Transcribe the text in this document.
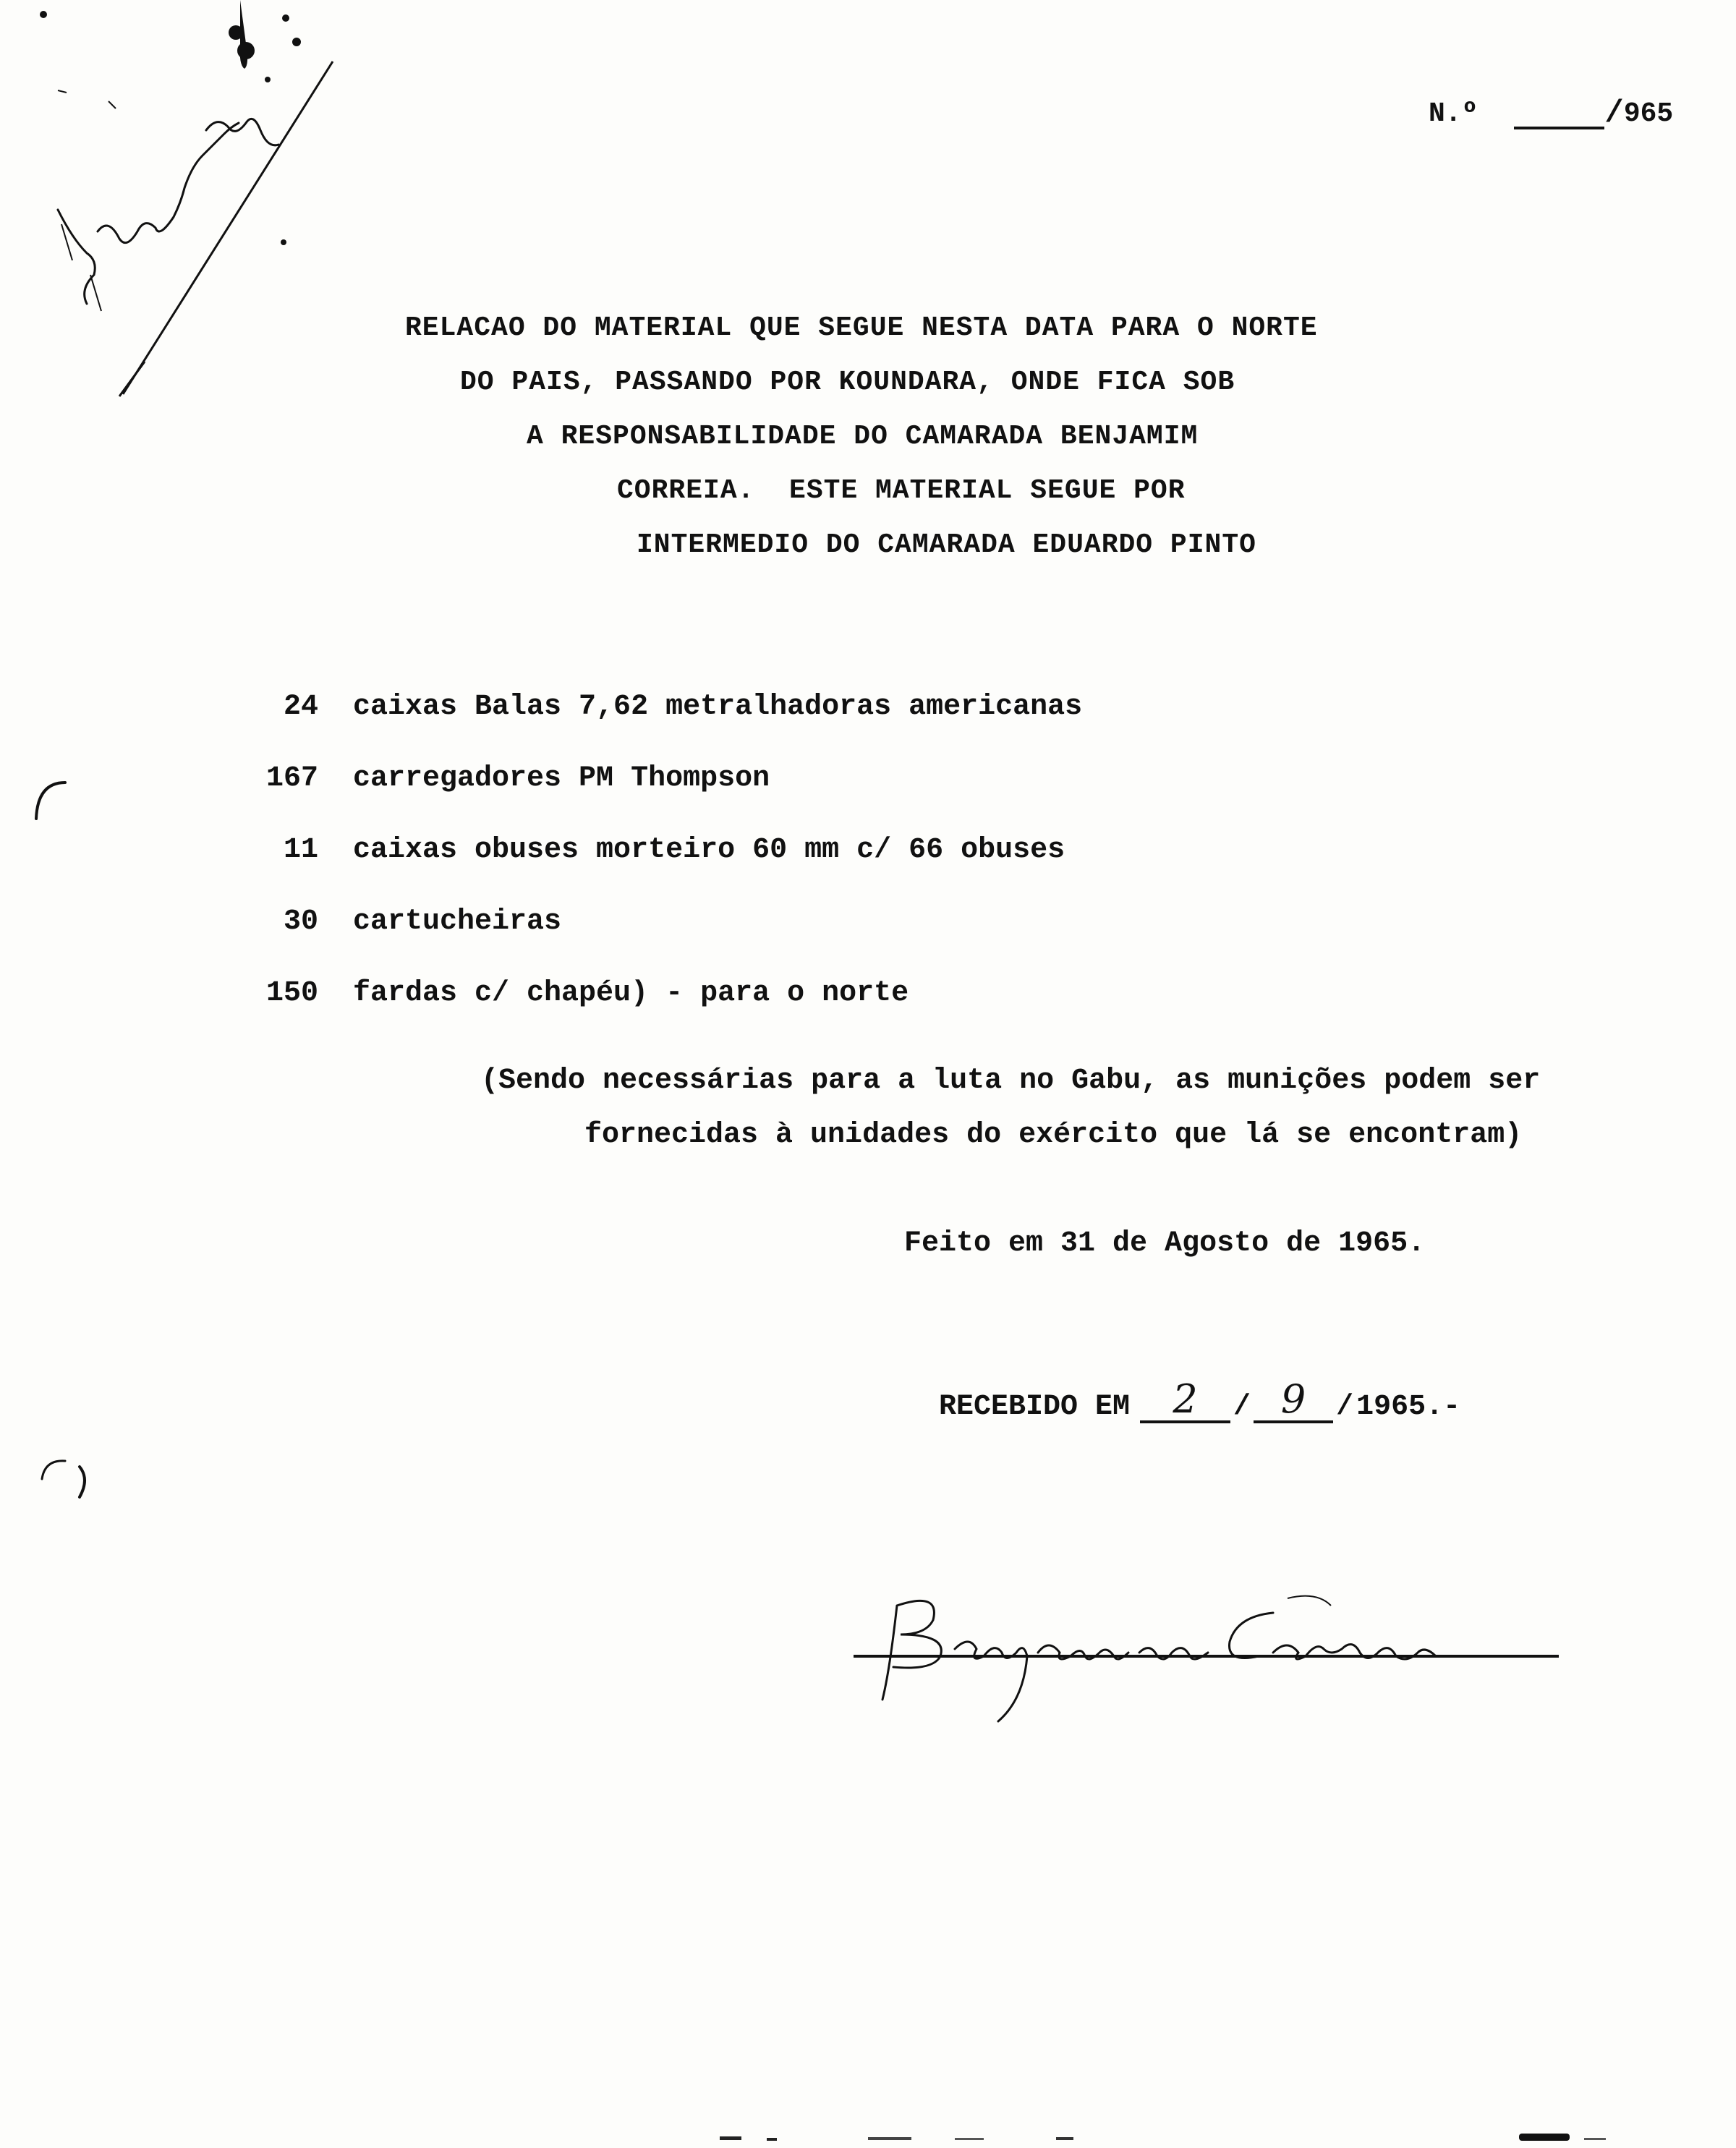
N.º	/ 965
RELACAO DO MATERIAL QUE SEGUE NESTA DATA PARA O NORTE
DO PAIS, PASSANDO POR KOUNDARA, ONDE FICA SOB
A RESPONSABILIDADE DO CAMARADA BENJAMIM
CORREIA.  ESTE MATERIAL SEGUE POR
INTERMEDIO DO CAMARADA EDUARDO PINTO
24 caixas Balas 7,62 metralhadoras americanas
167 carregadores PM Thompson
11 caixas obuses morteiro 60 mm c/ 66 obuses
30 cartucheiras
150 fardas c/ chapéu) - para o norte
(Sendo necessárias para a luta no Gabu, as munições podem ser
fornecidas à unidades do exército que lá se encontram)
Feito em 31 de Agosto de 1965.
RECEBIDO EM	2	/ 9	/ 1965.-
